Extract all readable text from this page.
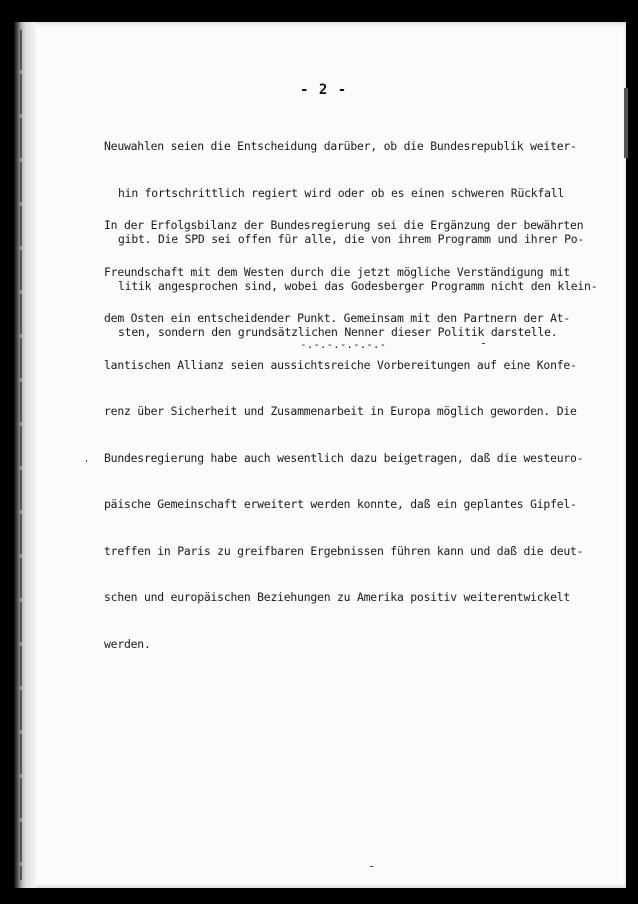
- 2 -

Neuwahlen seien die Entscheidung darüber, ob die Bundesrepublik weiter-

hin fortschrittlich regiert wird oder ob es einen schweren Rückfall

gibt. Die SPD sei offen für alle, die von ihrem Programm und ihrer Po-

litik angesprochen sind, wobei das Godesberger Programm nicht den klein-

sten, sondern den grundsätzlichen Nenner dieser Politik darstelle.

In der Erfolgsbilanz der Bundesregierung sei die Ergänzung der bewährten

Freundschaft mit dem Westen durch die jetzt mögliche Verständigung mit

dem Osten ein entscheidender Punkt. Gemeinsam mit den Partnern der At-

lantischen Allianz seien aussichtsreiche Vorbereitungen auf eine Konfe-

renz über Sicherheit und Zusammenarbeit in Europa möglich geworden. Die

Bundesregierung habe auch wesentlich dazu beigetragen, daß die westeuro-

päische Gemeinschaft erweitert werden konnte, daß ein geplantes Gipfel-

treffen in Paris zu greifbaren Ergebnissen führen kann und daß die deut-

schen und europäischen Beziehungen zu Amerika positiv weiterentwickelt

werden.

-.-.-.-.-.-.-
